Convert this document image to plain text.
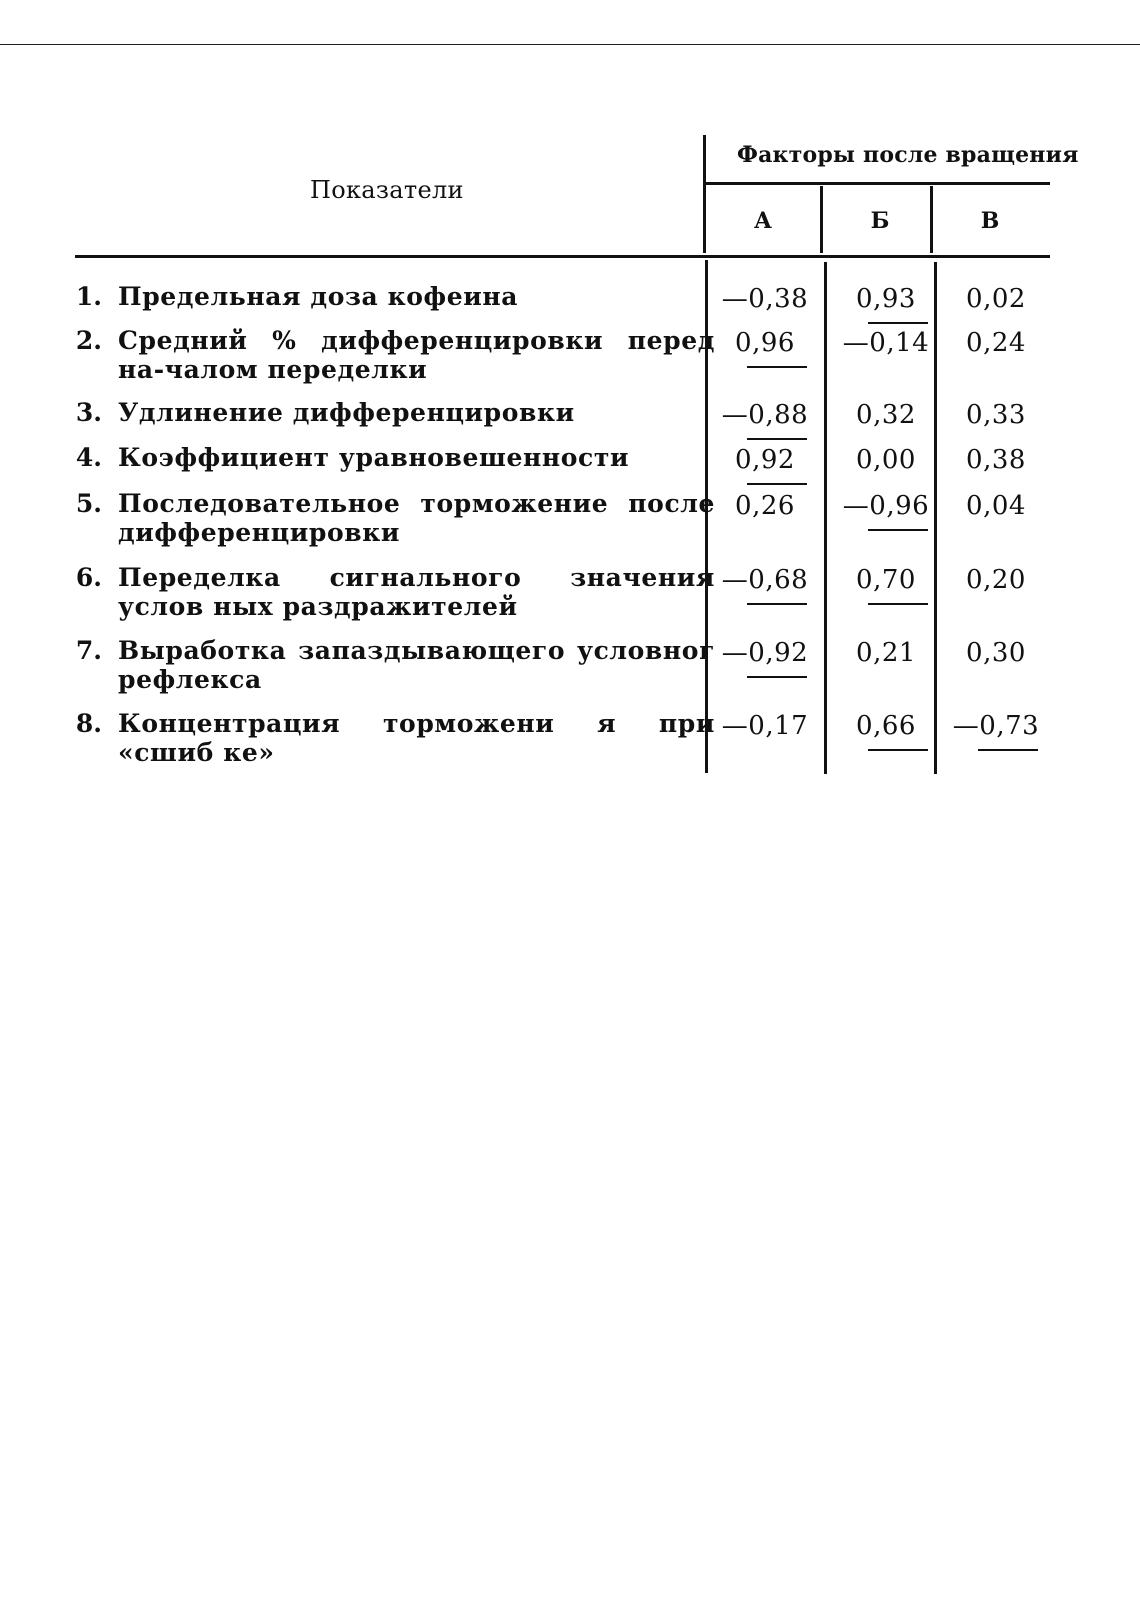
Показатели
Факторы после вращения
А	Б	В
1. Предельная доза кофеина	—0,38	0,93	0,02
2. Средний % дифференцировки перед на-чалом переделки
0,96	—0,14	0,24
3. Удлинение дифференцировки	—0,88	0,32	0,33
4. Коэффициент уравновешенности	0,92	0,00	0,38
5. Последовательное торможение после дифференцировки
0,26	—0,96	0,04
6. Переделка сигнального значения услов ных раздражителей
—0,68	0,70	0,20
7. Выработка запаздывающего условног рефлекса
—0,92	0,21	0,30
8. Концентрация торможени я при «сшиб ке»
—0,17	0,66	—0,73
